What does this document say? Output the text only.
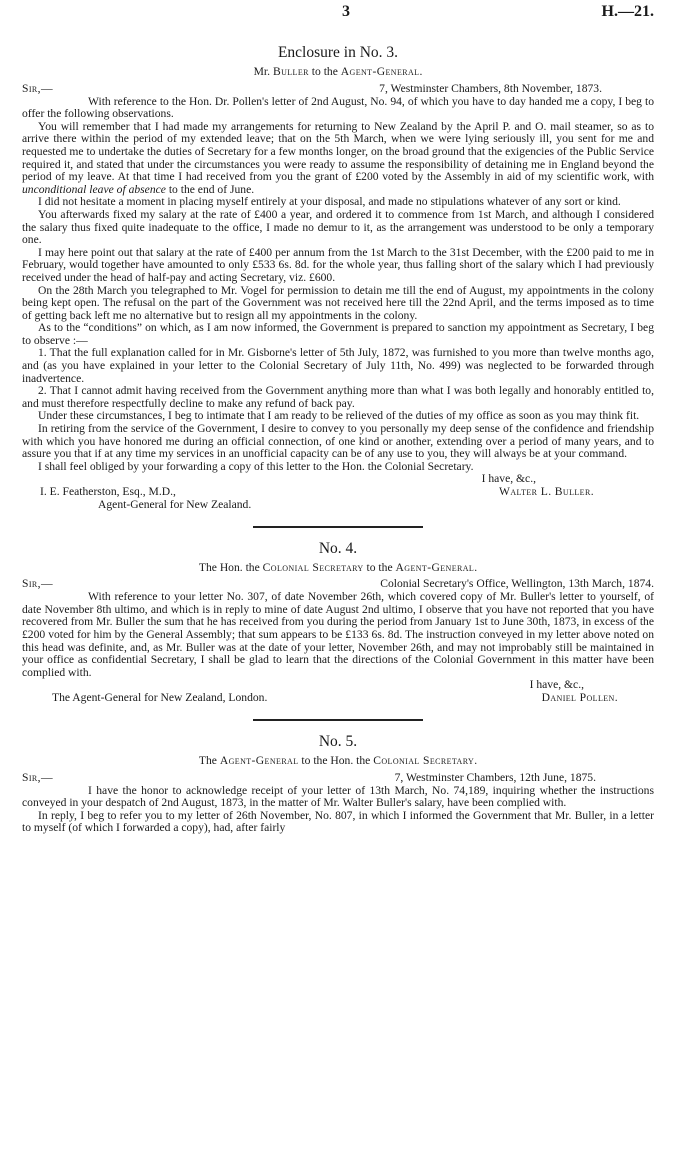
3	H.—21.
Enclosure in No. 3.
Mr. Buller to the Agent-General.
Sir,—	7, Westminster Chambers, 8th November, 1873.

With reference to the Hon. Dr. Pollen's letter of 2nd August, No. 94, of which you have to day handed me a copy, I beg to offer the following observations.

You will remember that I had made my arrangements for returning to New Zealand by the April P. and O. mail steamer, so as to arrive there within the period of my extended leave; that on the 5th March, when we were lying seriously ill, you sent for me and requested me to undertake the duties of Secretary for a few months longer, on the broad ground that the exigencies of the Public Service required it, and stated that under the circumstances you were ready to assume the responsibility of detaining me in England beyond the period of my leave. At that time I had received from you the grant of £200 voted by the Assembly in aid of my scientific work, with unconditional leave of absence to the end of June.

I did not hesitate a moment in placing myself entirely at your disposal, and made no stipulations whatever of any sort or kind.

You afterwards fixed my salary at the rate of £400 a year, and ordered it to commence from 1st March, and although I considered the salary thus fixed quite inadequate to the office, I made no demur to it, as the arrangement was understood to be only a temporary one.

I may here point out that salary at the rate of £400 per annum from the 1st March to the 31st December, with the £200 paid to me in February, would together have amounted to only £533 6s. 8d. for the whole year, thus falling short of the salary which I had previously received under the head of half-pay and acting Secretary, viz. £600.

On the 28th March you telegraphed to Mr. Vogel for permission to detain me till the end of August, my appointments in the colony being kept open. The refusal on the part of the Government was not received here till the 22nd April, and the terms imposed as to time of getting back left me no alternative but to resign all my appointments in the colony.

As to the “conditions” on which, as I am now informed, the Government is prepared to sanction my appointment as Secretary, I beg to observe :—

1. That the full explanation called for in Mr. Gisborne's letter of 5th July, 1872, was furnished to you more than twelve months ago, and (as you have explained in your letter to the Colonial Secretary of July 11th, No. 499) was neglected to be forwarded through inadvertence.

2. That I cannot admit having received from the Government anything more than what I was both legally and honorably entitled to, and must therefore respectfully decline to make any refund of back pay.

Under these circumstances, I beg to intimate that I am ready to be relieved of the duties of my office as soon as you may think fit.

In retiring from the service of the Government, I desire to convey to you personally my deep sense of the confidence and friendship with which you have honored me during an official connection, of one kind or another, extending over a period of many years, and to assure you that if at any time my services in an unofficial capacity can be of any use to you, they will always be at your command.

I shall feel obliged by your forwarding a copy of this letter to the Hon. the Colonial Secretary.

I have, &c.,
I. E. Featherston, Esq., M.D.,	Walter L. Buller.
Agent-General for New Zealand.
No. 4.
The Hon. the Colonial Secretary to the Agent-General.
Sir,—	Colonial Secretary's Office, Wellington, 13th March, 1874.

With reference to your letter No. 307, of date November 26th, which covered copy of Mr. Buller's letter to yourself, of date November 8th ultimo, and which is in reply to mine of date August 2nd ultimo, I observe that you have not reported that you have recovered from Mr. Buller the sum that he has received from you during the period from January 1st to June 30th, 1873, in excess of the £200 voted for him by the General Assembly; that sum appears to be £133 6s. 8d. The instruction conveyed in my letter above noted on this head was definite, and, as Mr. Buller was at the date of your letter, November 26th, and may not improbably still be maintained in your office as confidential Secretary, I shall be glad to learn that the directions of the Colonial Government in this matter have been complied with.

I have, &c.,
The Agent-General for New Zealand, London.	Daniel Pollen.
No. 5.
The Agent-General to the Hon. the Colonial Secretary.
Sir,—	7, Westminster Chambers, 12th June, 1875.

I have the honor to acknowledge receipt of your letter of 13th March, No. 74,189, inquiring whether the instructions conveyed in your despatch of 2nd August, 1873, in the matter of Mr. Walter Buller's salary, have been complied with.

In reply, I beg to refer you to my letter of 26th November, No. 807, in which I informed the Government that Mr. Buller, in a letter to myself (of which I forwarded a copy), had, after fairly
